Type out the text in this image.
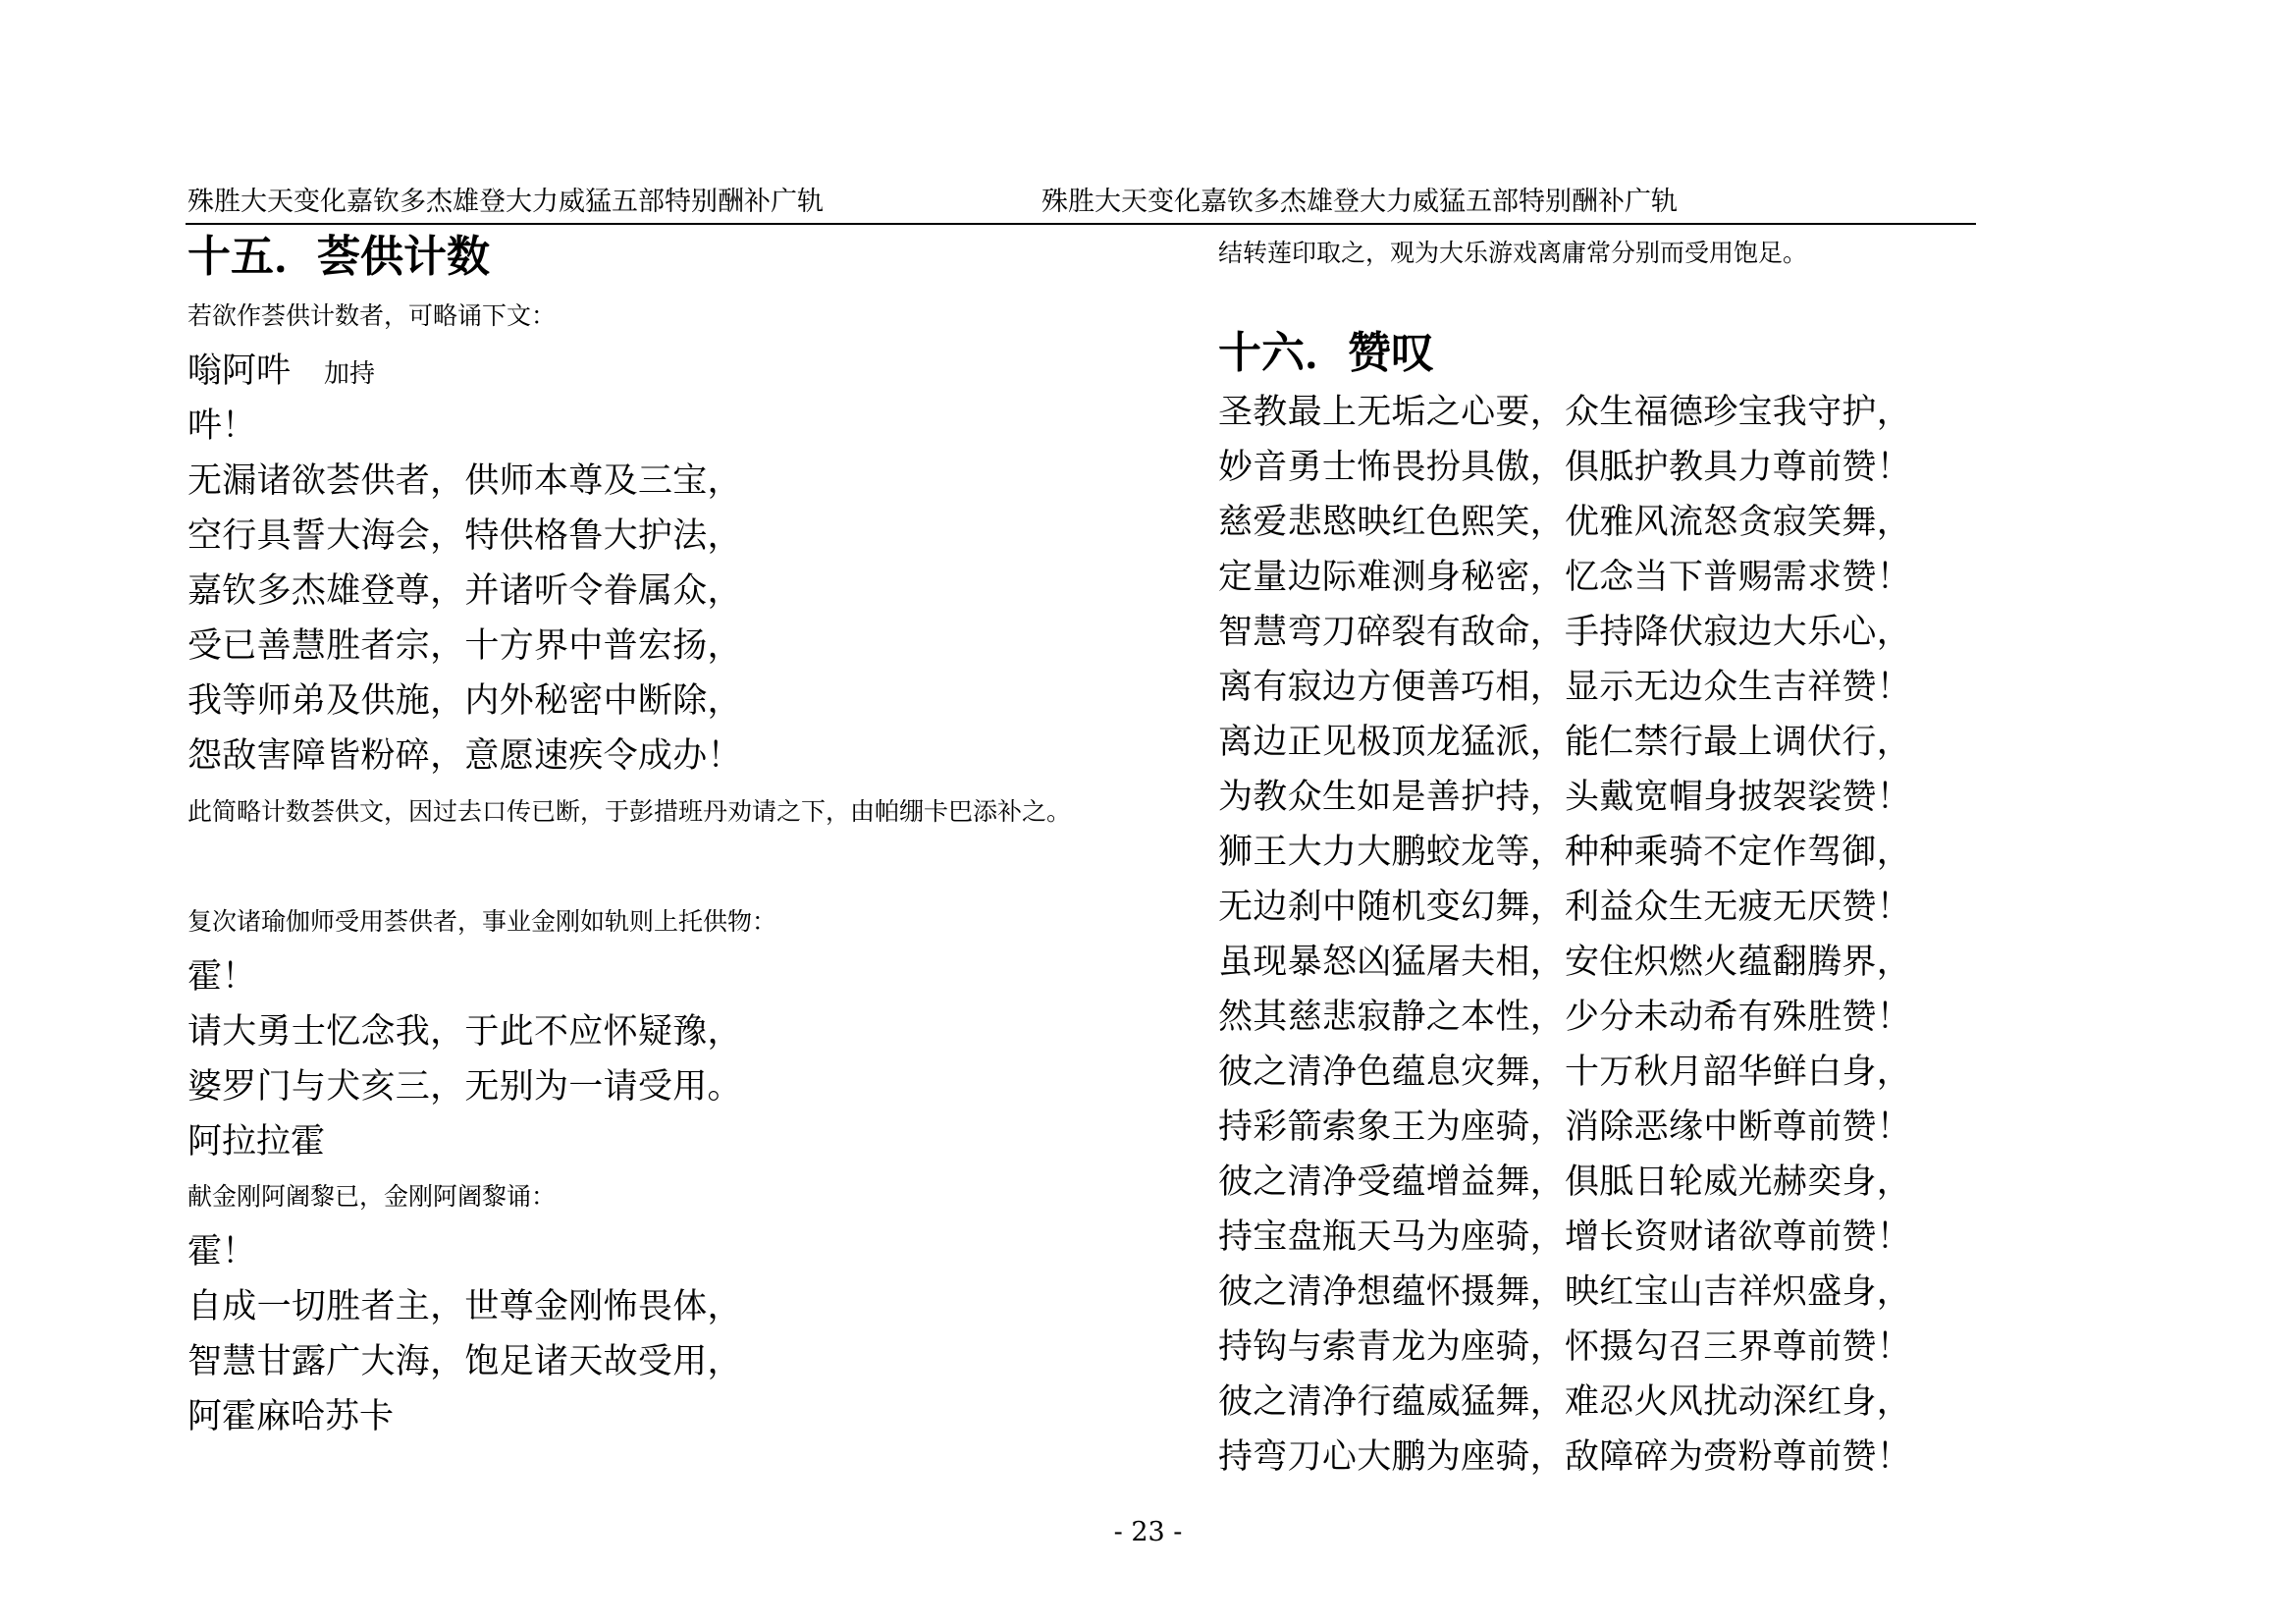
殊胜大天变化嘉钦多杰雄登大力威猛五部特别酬补广轨	殊胜大天变化嘉钦多杰雄登大力威猛五部特别酬补广轨
十五．荟供计数
若欲作荟供计数者，可略诵下文：
嗡阿吽 加持
吽！
无漏诸欲荟供者，供师本尊及三宝，
空行具誓大海会，特供格鲁大护法，
嘉钦多杰雄登尊，并诸听令眷属众，
受已善慧胜者宗，十方界中普宏扬，
我等师弟及供施，内外秘密中断除，
怨敌害障皆粉碎，意愿速疾令成办！
此简略计数荟供文，因过去口传已断，于彭措班丹劝请之下，由帕绷卡巴添补之。
复次诸瑜伽师受用荟供者，事业金刚如轨则上托供物：
霍！
请大勇士忆念我，于此不应怀疑豫，
婆罗门与犬亥三，无别为一请受用。
阿拉拉霍
献金刚阿阇黎已，金刚阿阇黎诵：
霍！
自成一切胜者主，世尊金刚怖畏体，
智慧甘露广大海，饱足诸天故受用，
阿霍麻哈苏卡
结转莲印取之，观为大乐游戏离庸常分别而受用饱足。
十六．赞叹
圣教最上无垢之心要，众生福德珍宝我守护，
妙音勇士怖畏扮具傲，俱胝护教具力尊前赞！
慈爱悲愍映红色熙笑，优雅风流怒贪寂笑舞，
定量边际难测身秘密，忆念当下普赐需求赞！
智慧弯刀碎裂有敌命，手持降伏寂边大乐心，
离有寂边方便善巧相，显示无边众生吉祥赞！
离边正见极顶龙猛派，能仁禁行最上调伏行，
为教众生如是善护持，头戴宽帽身披袈裟赞！
狮王大力大鹏蛟龙等，种种乘骑不定作驾御，
无边刹中随机变幻舞，利益众生无疲无厌赞！
虽现暴怒凶猛屠夫相，安住炽燃火蕴翻腾界，
然其慈悲寂静之本性，少分未动希有殊胜赞！
彼之清净色蕴息灾舞，十万秋月韶华鲜白身，
持彩箭索象王为座骑，消除恶缘中断尊前赞！
彼之清净受蕴增益舞，俱胝日轮威光赫奕身，
持宝盘瓶天马为座骑，增长资财诸欲尊前赞！
彼之清净想蕴怀摄舞，映红宝山吉祥炽盛身，
持钩与索青龙为座骑，怀摄勾召三界尊前赞！
彼之清净行蕴威猛舞，难忍火风扰动深红身，
持弯刀心大鹏为座骑，敌障碎为赍粉尊前赞！
- 23 -
